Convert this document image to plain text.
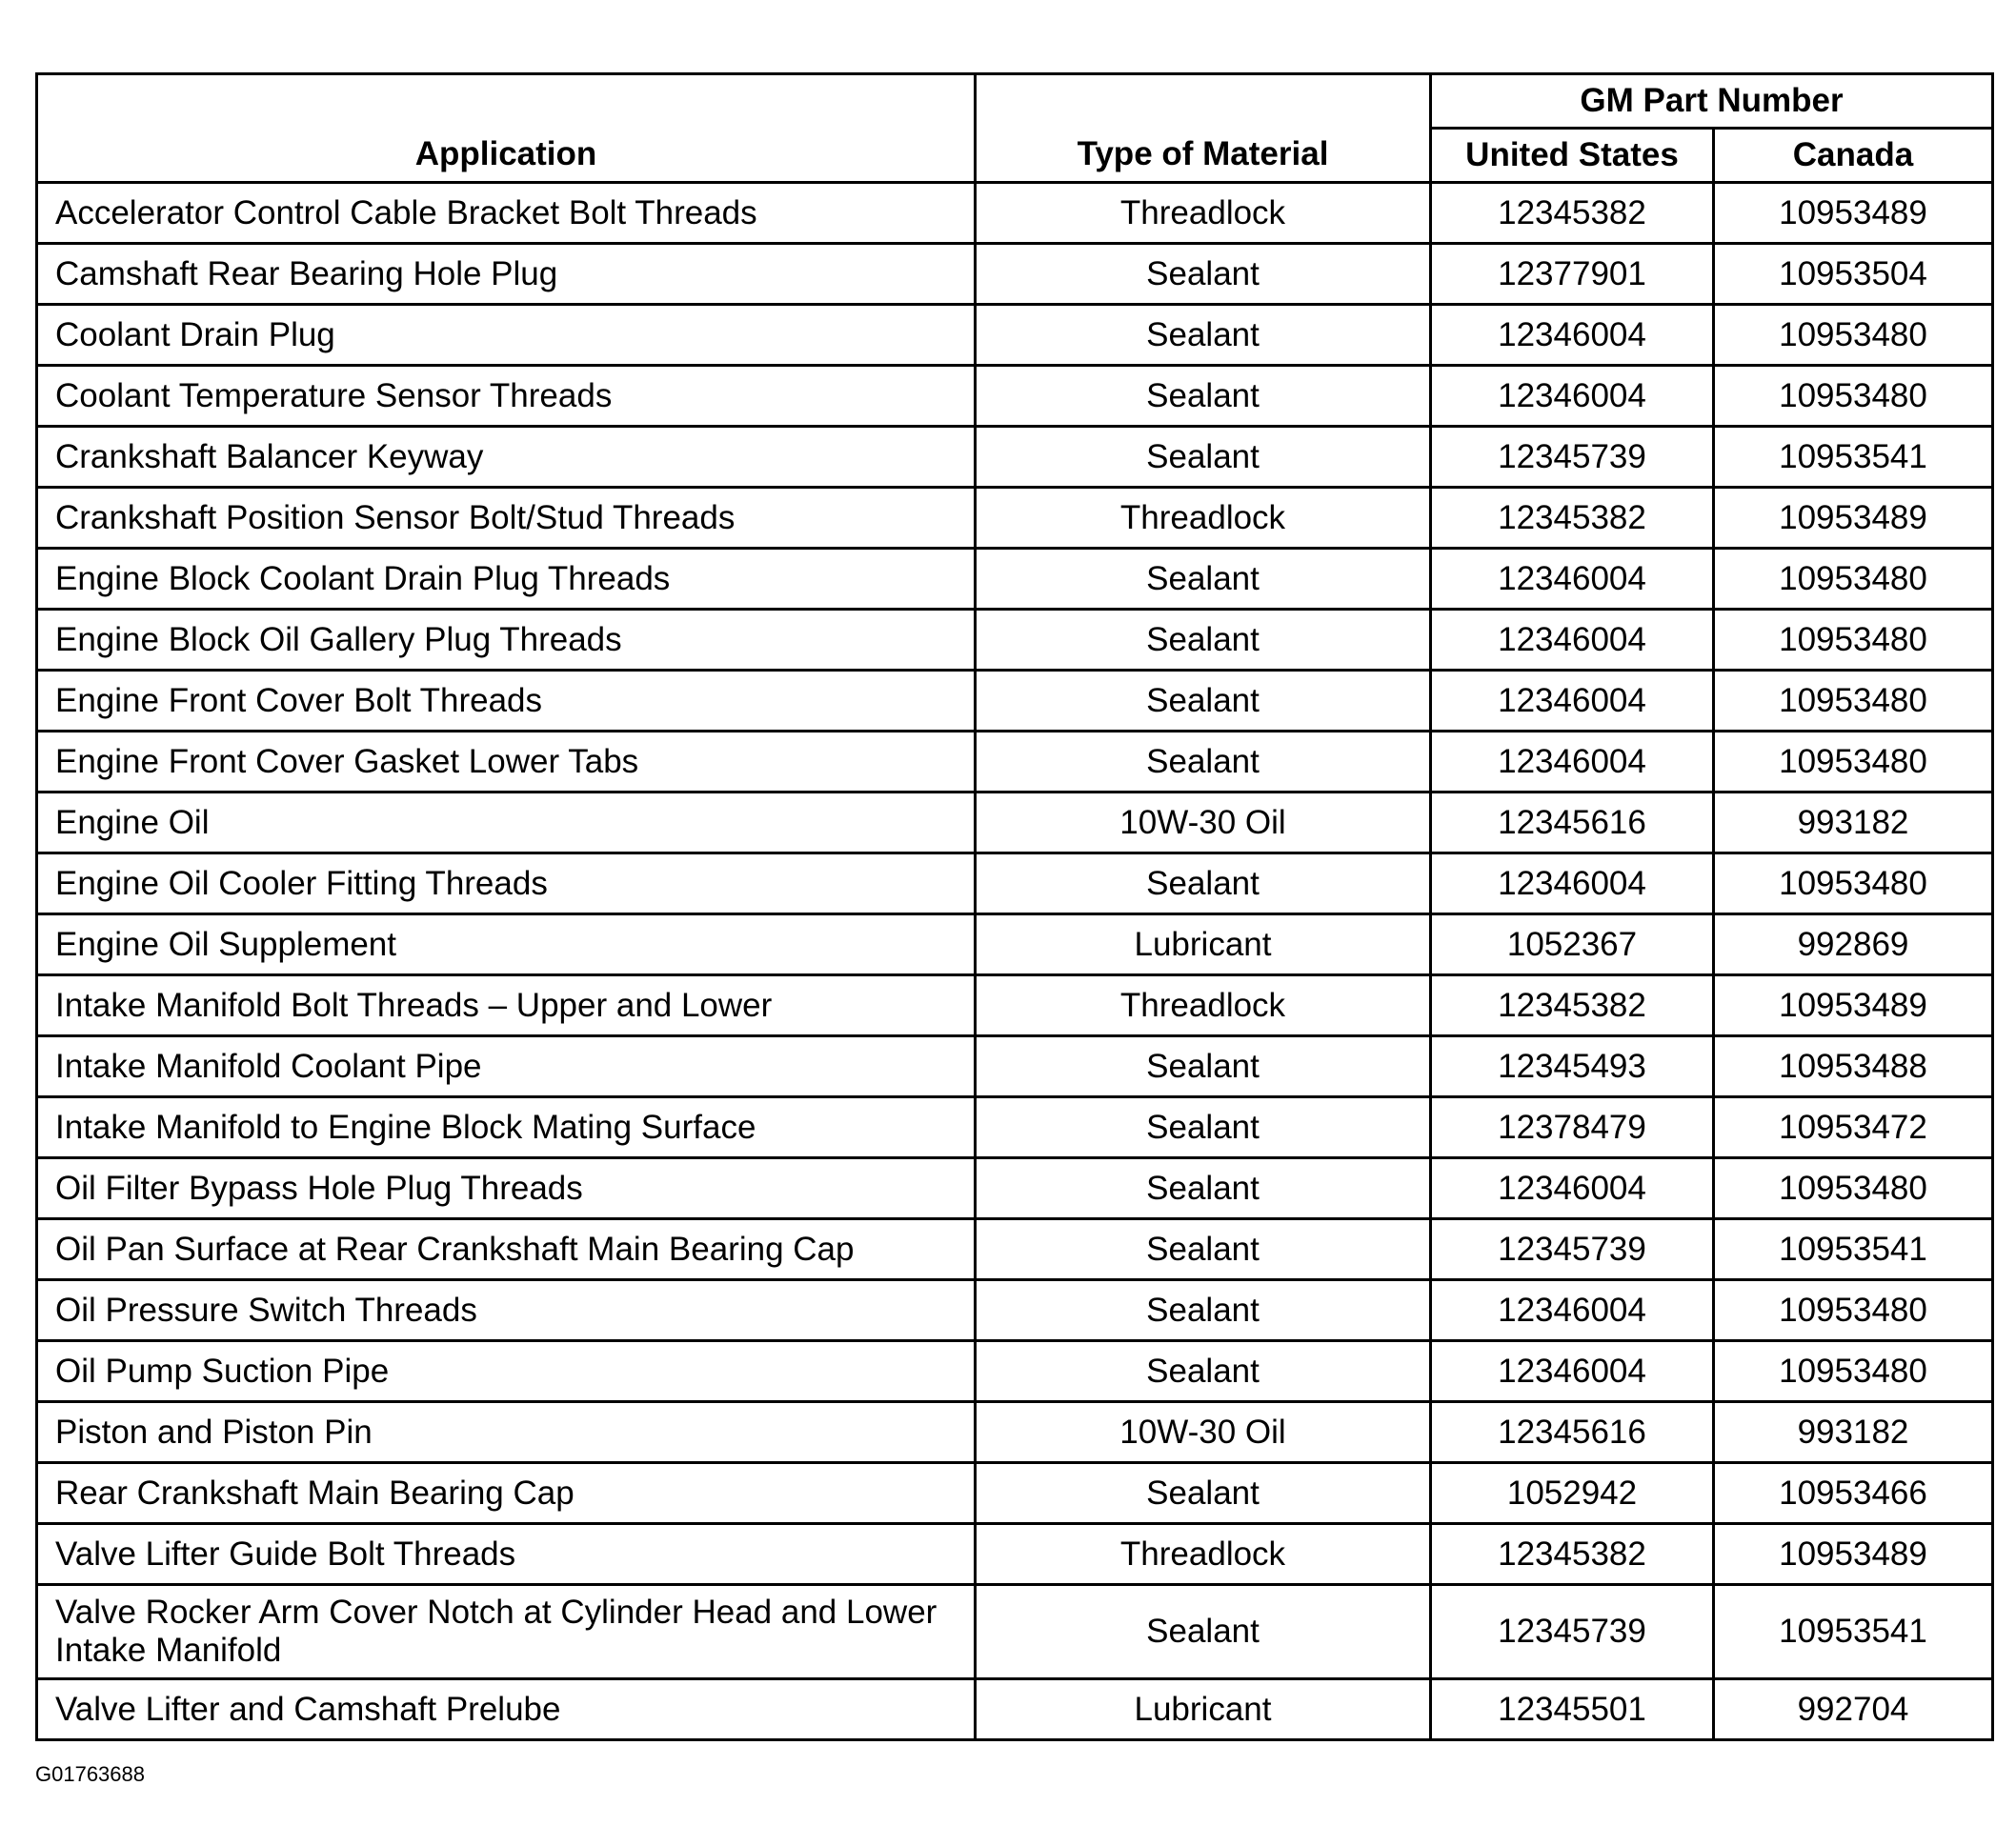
Application	Type of Material	GM Part Number	
		United States	Canada
Accelerator Control Cable Bracket Bolt Threads	Threadlock	12345382	10953489
Camshaft Rear Bearing Hole Plug	Sealant	12377901	10953504
Coolant Drain Plug	Sealant	12346004	10953480
Coolant Temperature Sensor Threads	Sealant	12346004	10953480
Crankshaft Balancer Keyway	Sealant	12345739	10953541
Crankshaft Position Sensor Bolt/Stud Threads	Threadlock	12345382	10953489
Engine Block Coolant Drain Plug Threads	Sealant	12346004	10953480
Engine Block Oil Gallery Plug Threads	Sealant	12346004	10953480
Engine Front Cover Bolt Threads	Sealant	12346004	10953480
Engine Front Cover Gasket Lower Tabs	Sealant	12346004	10953480
Engine Oil	10W-30 Oil	12345616	993182
Engine Oil Cooler Fitting Threads	Sealant	12346004	10953480
Engine Oil Supplement	Lubricant	1052367	992869
Intake Manifold Bolt Threads – Upper and Lower	Threadlock	12345382	10953489
Intake Manifold Coolant Pipe	Sealant	12345493	10953488
Intake Manifold to Engine Block Mating Surface	Sealant	12378479	10953472
Oil Filter Bypass Hole Plug Threads	Sealant	12346004	10953480
Oil Pan Surface at Rear Crankshaft Main Bearing Cap	Sealant	12345739	10953541
Oil Pressure Switch Threads	Sealant	12346004	10953480
Oil Pump Suction Pipe	Sealant	12346004	10953480
Piston and Piston Pin	10W-30 Oil	12345616	993182
Rear Crankshaft Main Bearing Cap	Sealant	1052942	10953466
Valve Lifter Guide Bolt Threads	Threadlock	12345382	10953489
Valve Rocker Arm Cover Notch at Cylinder Head and Lower Intake Manifold	Sealant	12345739	10953541
Valve Lifter and Camshaft Prelube	Lubricant	12345501	992704
G01763688
